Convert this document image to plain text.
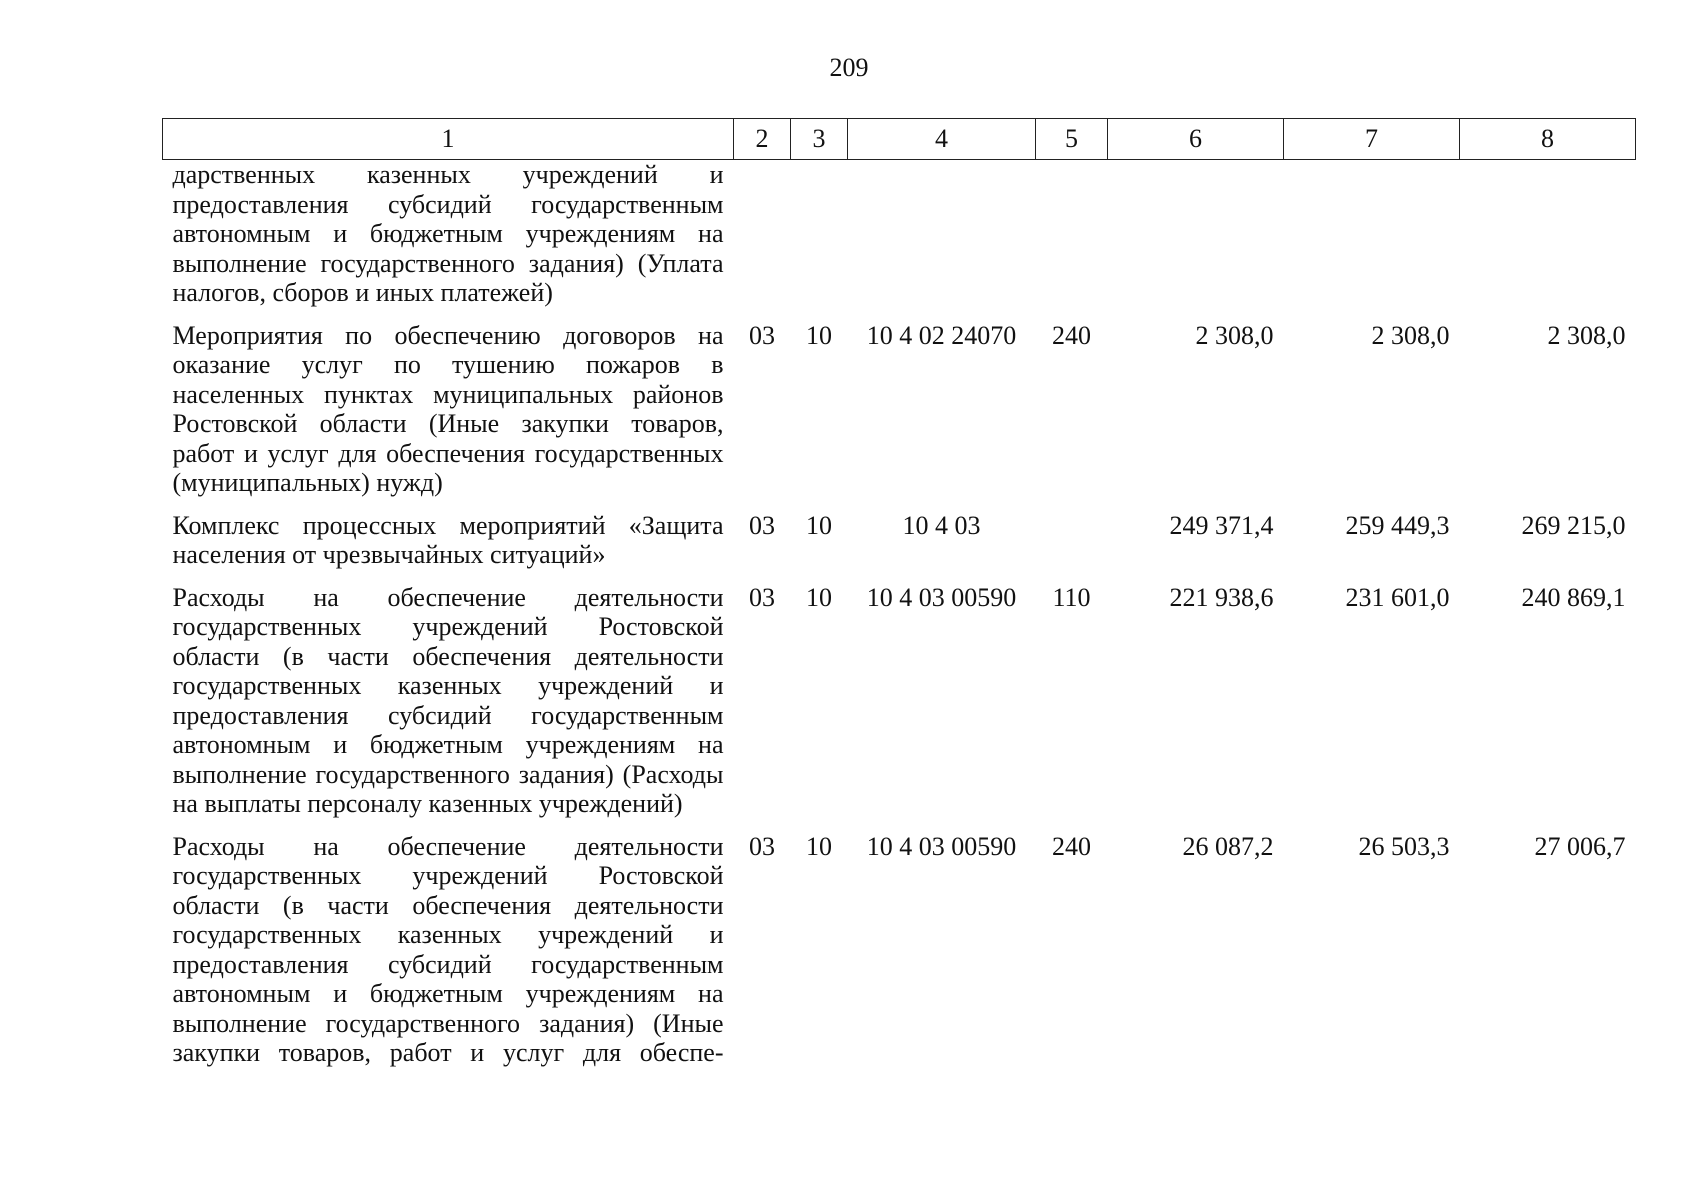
209
1	2	3	4	5	6	7	8
дарственных казенных учреждений и предоставления субсидий государственным автономным и бюджетным учреждениям на выполнение государственного задания) (Уплата налогов, сборов и иных платежей)							
Мероприятия по обеспечению договоров на оказание услуг по тушению пожаров в населенных пунктах муниципальных районов Ростовской области (Иные закупки товаров, работ и услуг для обеспечения государственных (муниципальных) нужд)	03	10	10 4 02 24070	240	2 308,0	2 308,0	2 308,0
Комплекс процессных мероприятий «Защита населения от чрезвычайных ситуаций»	03	10	10 4 03		249 371,4	259 449,3	269 215,0
Расходы на обеспечение деятельности государственных учреждений Ростовской области (в части обеспечения деятельности государственных казенных учреждений и предоставления субсидий государственным автономным и бюджетным учреждениям на выполнение государственного задания) (Расходы на выплаты персоналу казенных учреждений)	03	10	10 4 03 00590	110	221 938,6	231 601,0	240 869,1
Расходы на обеспечение деятельности государственных учреждений Ростовской области (в части обеспечения деятельности государственных казенных учреждений и предоставления субсидий государственным автономным и бюджетным учреждениям на выполнение государственного задания) (Иные закупки товаров, работ и услуг для обеспе-	03	10	10 4 03 00590	240	26 087,2	26 503,3	27 006,7
